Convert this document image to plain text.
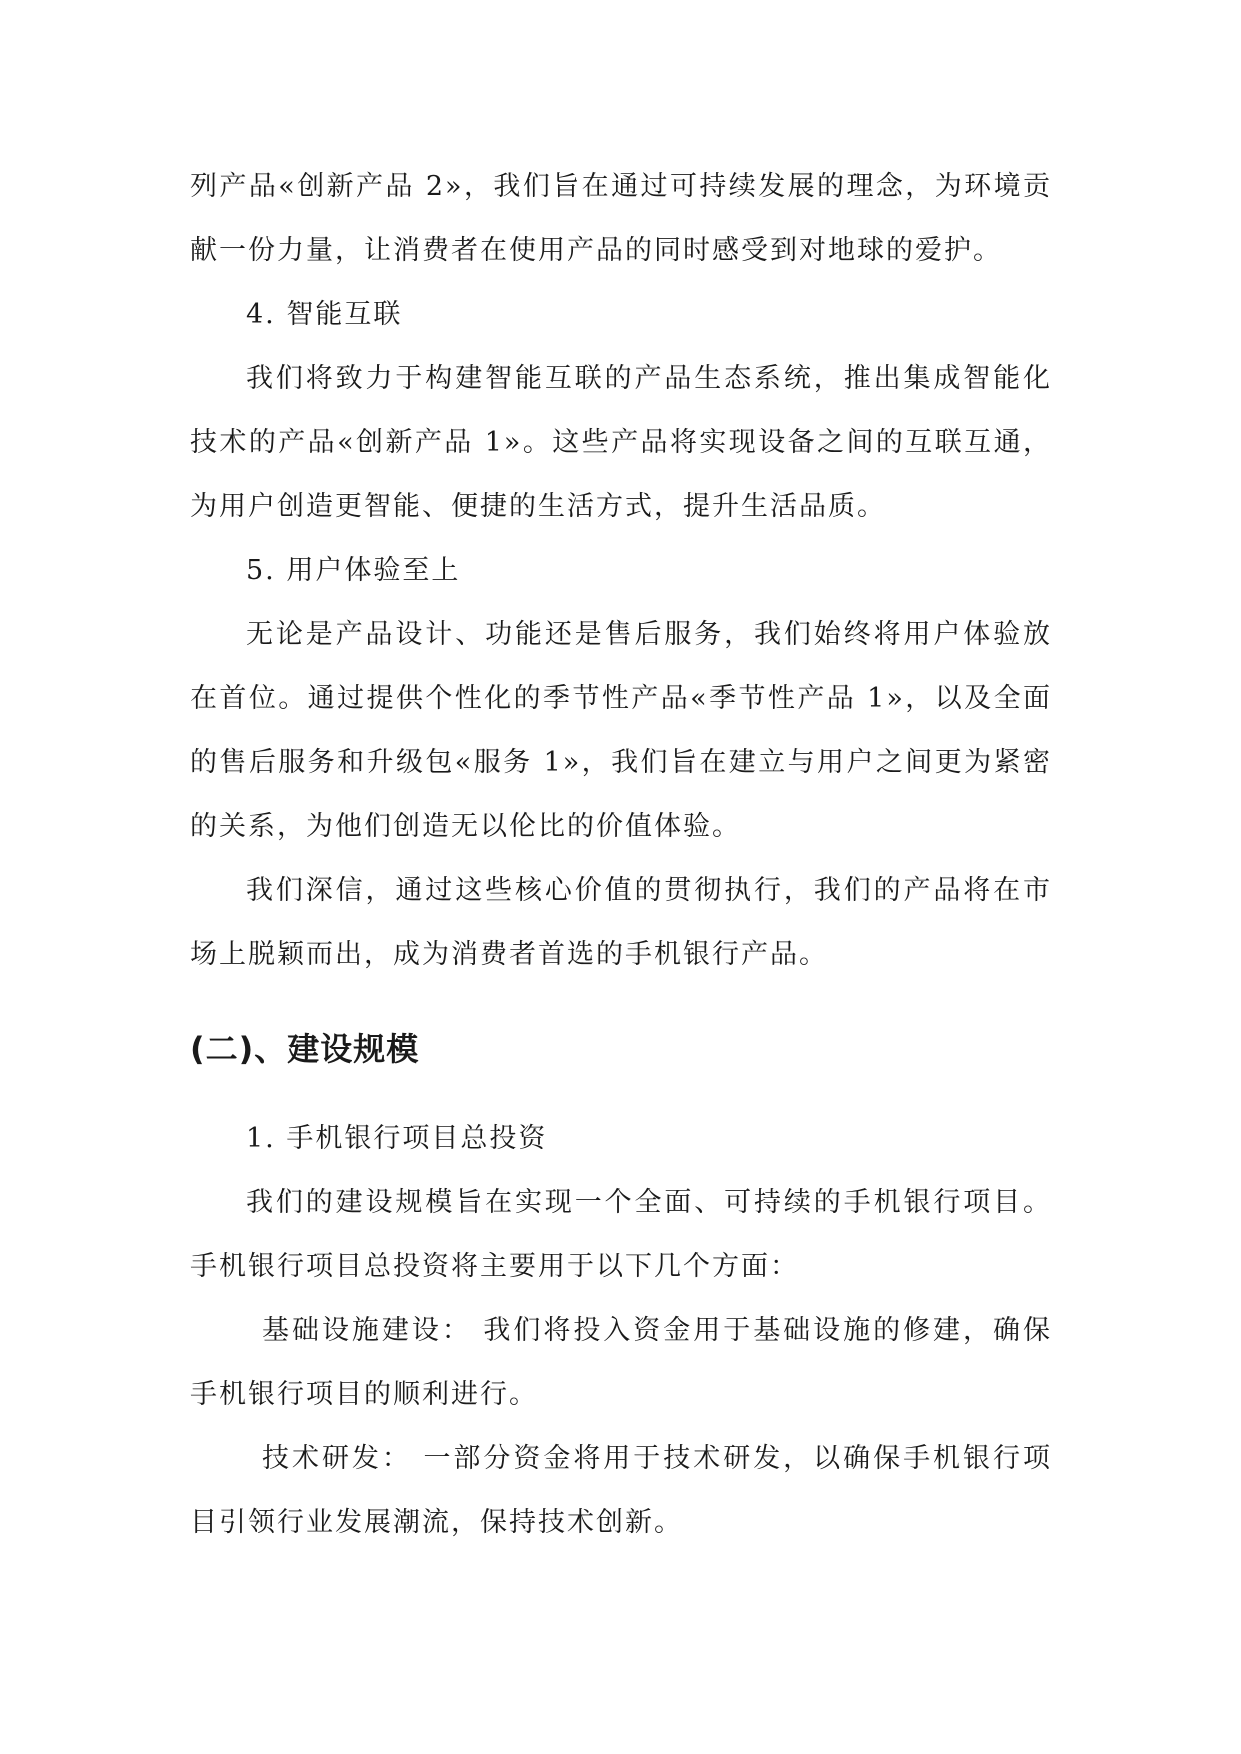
列产品«创新产品 2»，我们旨在通过可持续发展的理念，为环境贡献一份力量，让消费者在使用产品的同时感受到对地球的爱护。

4. 智能互联

我们将致力于构建智能互联的产品生态系统，推出集成智能化技术的产品«创新产品 1»。这些产品将实现设备之间的互联互通，为用户创造更智能、便捷的生活方式，提升生活品质。

5. 用户体验至上

无论是产品设计、功能还是售后服务，我们始终将用户体验放在首位。通过提供个性化的季节性产品«季节性产品 1»，以及全面的售后服务和升级包«服务 1»，我们旨在建立与用户之间更为紧密的关系，为他们创造无以伦比的价值体验。

我们深信，通过这些核心价值的贯彻执行，我们的产品将在市场上脱颖而出，成为消费者首选的手机银行产品。

(二)、建设规模

1. 手机银行项目总投资

我们的建设规模旨在实现一个全面、可持续的手机银行项目。手机银行项目总投资将主要用于以下几个方面：

基础设施建设： 我们将投入资金用于基础设施的修建，确保手机银行项目的顺利进行。

技术研发： 一部分资金将用于技术研发，以确保手机银行项目引领行业发展潮流，保持技术创新。
